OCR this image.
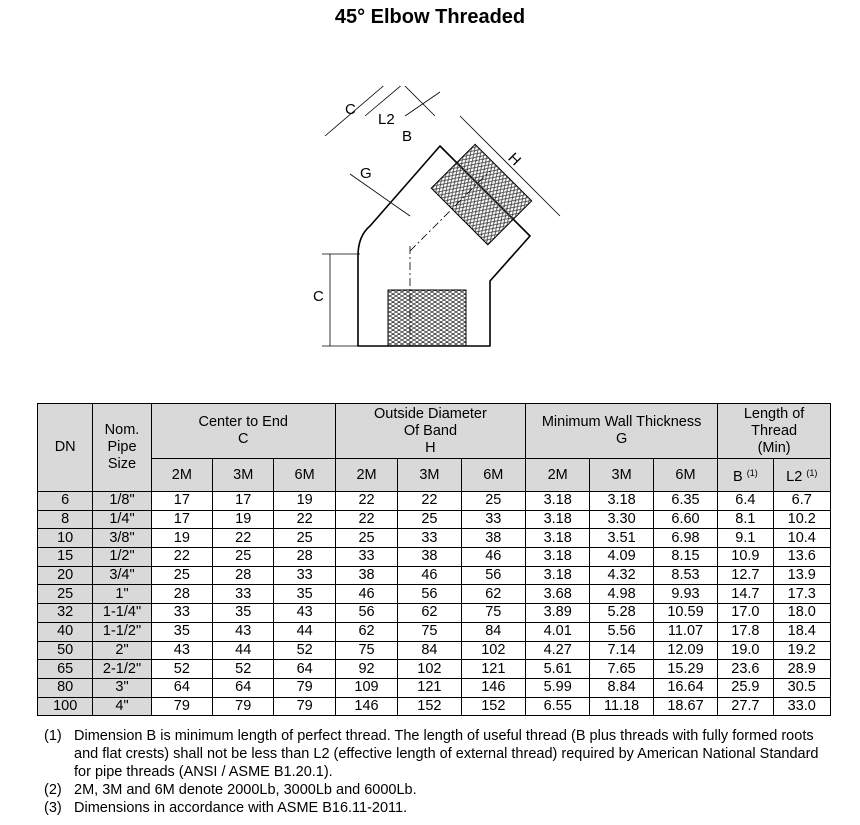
45° Elbow Threaded
C
L2
B
G
H
C
DN	Nom.
Pipe
Size	Center to End
C			Outside Diameter
Of Band
H			Minimum Wall Thickness
G			Length of
Thread
(Min)	
		2M	3M	6M	2M	3M	6M	2M	3M	6M	B $^{(1)}$	L2 $^{(1)}$
6	1/8"	17	17	19	22	22	25	3.18	3.18	6.35	6.4	6.7
8	1/4"	17	19	22	22	25	33	3.18	3.30	6.60	8.1	10.2
10	3/8"	19	22	25	25	33	38	3.18	3.51	6.98	9.1	10.4
15	1/2"	22	25	28	33	38	46	3.18	4.09	8.15	10.9	13.6
20	3/4"	25	28	33	38	46	56	3.18	4.32	8.53	12.7	13.9
25	1"	28	33	35	46	56	62	3.68	4.98	9.93	14.7	17.3
32	1-1/4"	33	35	43	56	62	75	3.89	5.28	10.59	17.0	18.0
40	1-1/2"	35	43	44	62	75	84	4.01	5.56	11.07	17.8	18.4
50	2"	43	44	52	75	84	102	4.27	7.14	12.09	19.0	19.2
65	2-1/2"	52	52	64	92	102	121	5.61	7.65	15.29	23.6	28.9
80	3"	64	64	79	109	121	146	5.99	8.84	16.64	25.9	30.5
100	4"	79	79	79	146	152	152	6.55	11.18	18.67	27.7	33.0
(1) Dimension B is minimum length of perfect thread. The length of useful thread (B plus threads with fully formed roots and flat crests) shall not be less than L2 (effective length of external thread) required by American National Standard for pipe threads (ANSI / ASME B1.20.1).
(2) 2M, 3M and 6M denote 2000Lb, 3000Lb and 6000Lb.
(3) Dimensions in accordance with ASME B16.11-2011.
